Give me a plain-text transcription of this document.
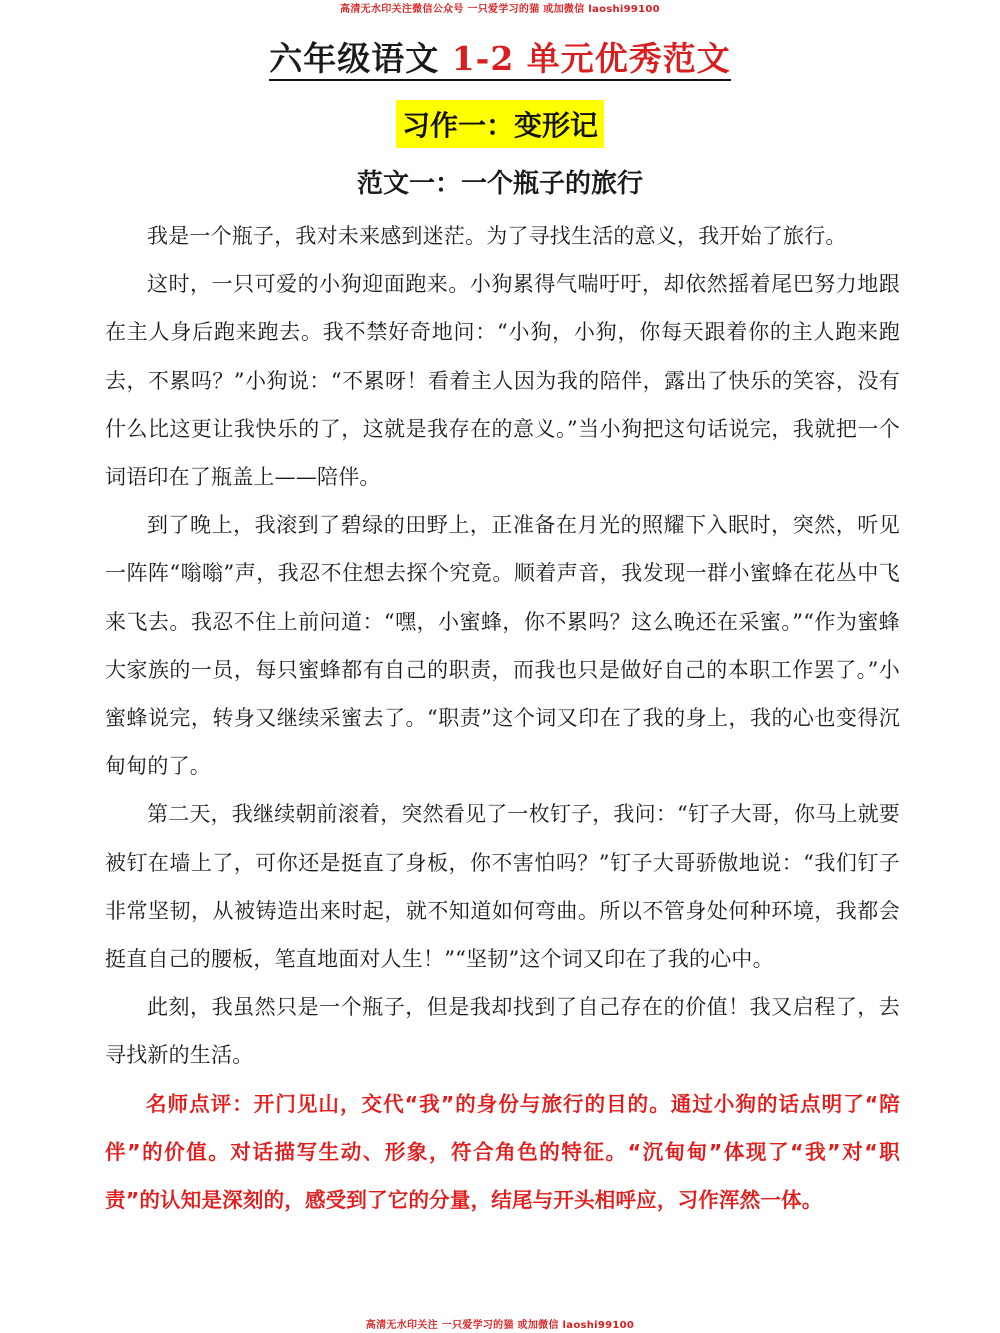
高清无水印关注微信公众号 一只爱学习的猫 或加微信 laoshi99100
六年级语文 1-2 单元优秀范文
习作一：变形记
范文一：一个瓶子的旅行

我是一个瓶子，我对未来感到迷茫。为了寻找生活的意义，我开始了旅行。

这时，一只可爱的小狗迎面跑来。小狗累得气喘吁吁，却依然摇着尾巴努力地跟在主人身后跑来跑去。我不禁好奇地问：“小狗，小狗，你每天跟着你的主人跑来跑去，不累吗？”小狗说：“不累呀！看着主人因为我的陪伴，露出了快乐的笑容，没有什么比这更让我快乐的了，这就是我存在的意义。”当小狗把这句话说完，我就把一个词语印在了瓶盖上——陪伴。

到了晚上，我滚到了碧绿的田野上，正准备在月光的照耀下入眠时，突然，听见一阵阵“嗡嗡”声，我忍不住想去探个究竟。顺着声音，我发现一群小蜜蜂在花丛中飞来飞去。我忍不住上前问道：“嘿，小蜜蜂，你不累吗？这么晚还在采蜜。”“作为蜜蜂大家族的一员，每只蜜蜂都有自己的职责，而我也只是做好自己的本职工作罢了。”小蜜蜂说完，转身又继续采蜜去了。“职责”这个词又印在了我的身上，我的心也变得沉甸甸的了。

第二天，我继续朝前滚着，突然看见了一枚钉子，我问：“钉子大哥，你马上就要被钉在墙上了，可你还是挺直了身板，你不害怕吗？”钉子大哥骄傲地说：“我们钉子非常坚韧，从被铸造出来时起，就不知道如何弯曲。所以不管身处何种环境，我都会挺直自己的腰板，笔直地面对人生！”“坚韧”这个词又印在了我的心中。

此刻，我虽然只是一个瓶子，但是我却找到了自己存在的价值！我又启程了，去寻找新的生活。

名师点评：开门见山，交代“我”的身份与旅行的目的。通过小狗的话点明了“陪伴”的价值。对话描写生动、形象，符合角色的特征。“沉甸甸”体现了“我”对“职责”的认知是深刻的，感受到了它的分量，结尾与开头相呼应，习作浑然一体。

高清无水印关注 一只爱学习的猫 或加微信 laoshi99100
